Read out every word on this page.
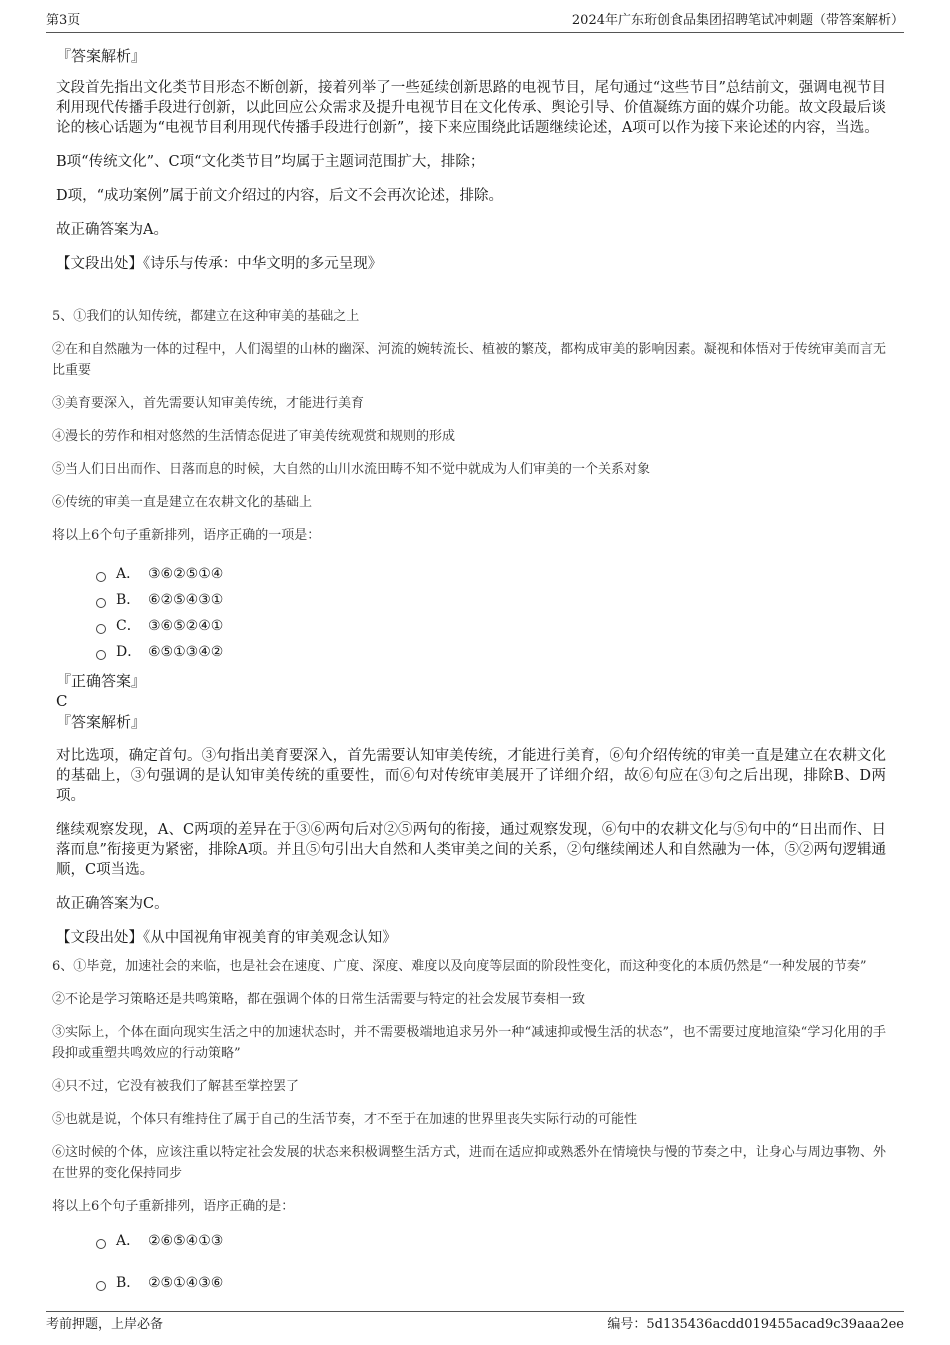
第3页	2024年广东珩创食品集团招聘笔试冲刺题（带答案解析）

『答案解析』

文段首先指出文化类节目形态不断创新，接着列举了一些延续创新思路的电视节目，尾句通过“这些节目”总结前文，强调电视节目利用现代传播手段进行创新，以此回应公众需求及提升电视节目在文化传承、舆论引导、价值凝练方面的媒介功能。故文段最后谈论的核心话题为“电视节目利用现代传播手段进行创新”，接下来应围绕此话题继续论述，A项可以作为接下来论述的内容，当选。

B项“传统文化”、C项“文化类节目”均属于主题词范围扩大，排除；

D项，“成功案例”属于前文介绍过的内容，后文不会再次论述，排除。

故正确答案为A。

【文段出处】《诗乐与传承：中华文明的多元呈现》

5、①我们的认知传统，都建立在这种审美的基础之上

②在和自然融为一体的过程中，人们渴望的山林的幽深、河流的婉转流长、植被的繁茂，都构成审美的影响因素。凝视和体悟对于传统审美而言无比重要

③美育要深入，首先需要认知审美传统，才能进行美育

④漫长的劳作和相对悠然的生活情态促进了审美传统观赏和规则的形成

⑤当人们日出而作、日落而息的时候，大自然的山川水流田畴不知不觉中就成为人们审美的一个关系对象

⑥传统的审美一直是建立在农耕文化的基础上

将以上6个句子重新排列，语序正确的一项是：

A． ③⑥②⑤①④
B． ⑥②⑤④③①
C． ③⑥⑤②④①
D． ⑥⑤①③④②

『正确答案』

C

『答案解析』

对比选项，确定首句。③句指出美育要深入，首先需要认知审美传统，才能进行美育，⑥句介绍传统的审美一直是建立在农耕文化的基础上，③句强调的是认知审美传统的重要性，而⑥句对传统审美展开了详细介绍，故⑥句应在③句之后出现，排除B、D两项。

继续观察发现，A、C两项的差异在于③⑥两句后对②⑤两句的衔接，通过观察发现，⑥句中的农耕文化与⑤句中的“日出而作、日落而息”衔接更为紧密，排除A项。并且⑤句引出大自然和人类审美之间的关系，②句继续阐述人和自然融为一体，⑤②两句逻辑通顺，C项当选。

故正确答案为C。

【文段出处】《从中国视角审视美育的审美观念认知》

6、①毕竟，加速社会的来临，也是社会在速度、广度、深度、难度以及向度等层面的阶段性变化，而这种变化的本质仍然是“一种发展的节奏”

②不论是学习策略还是共鸣策略，都在强调个体的日常生活需要与特定的社会发展节奏相一致

③实际上，个体在面向现实生活之中的加速状态时，并不需要极端地追求另外一种“减速抑或慢生活的状态”，也不需要过度地渲染“学习化用的手段抑或重塑共鸣效应的行动策略”

④只不过，它没有被我们了解甚至掌控罢了

⑤也就是说，个体只有维持住了属于自己的生活节奏，才不至于在加速的世界里丧失实际行动的可能性

⑥这时候的个体，应该注重以特定社会发展的状态来积极调整生活方式，进而在适应抑或熟悉外在情境快与慢的节奏之中，让身心与周边事物、外在世界的变化保持同步

将以上6个句子重新排列，语序正确的是：

A． ②⑥⑤④①③
B． ②⑤①④③⑥
考前押题，上岸必备	编号：5d135436acdd019455acad9c39aaa2ee
